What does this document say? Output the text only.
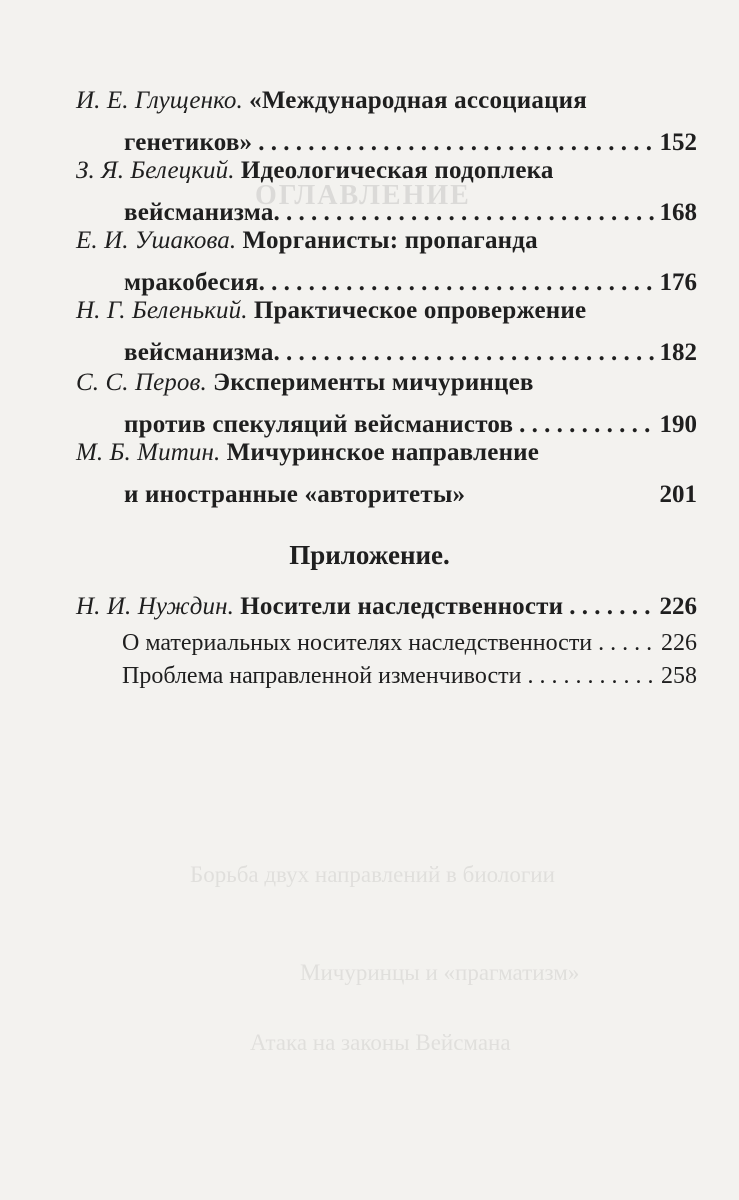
ОГЛАВЛЕНИЕ
Борьба двух направлений в биологии
Мичуринцы и «прагматизм»
Атака на законы Вейсмана
И. Е. Глущенко.
«Международная ассоциация
генетиков» . . .	152
З. Я. Белецкий.
Идеологическая подоплека
вейсманизма. . . .	168
Е. И. Ушакова.
Морганисты: пропаганда
мракобесия. . . .	176
Н. Г. Беленький.
Практическое опровержение
вейсманизма. . . .	182
С. С. Перов.
Эксперименты мичуринцев
против спекуляций вейсманистов . . .	190
М. Б. Митин.
Мичуринское направление
и иностранные «авторитеты»	201
Приложение.
Н. И. Нуждин.
Носители наследственности . . .	226
О материальных носителях наследственности . . .	226
Проблема направленной изменчивости . . .	258
